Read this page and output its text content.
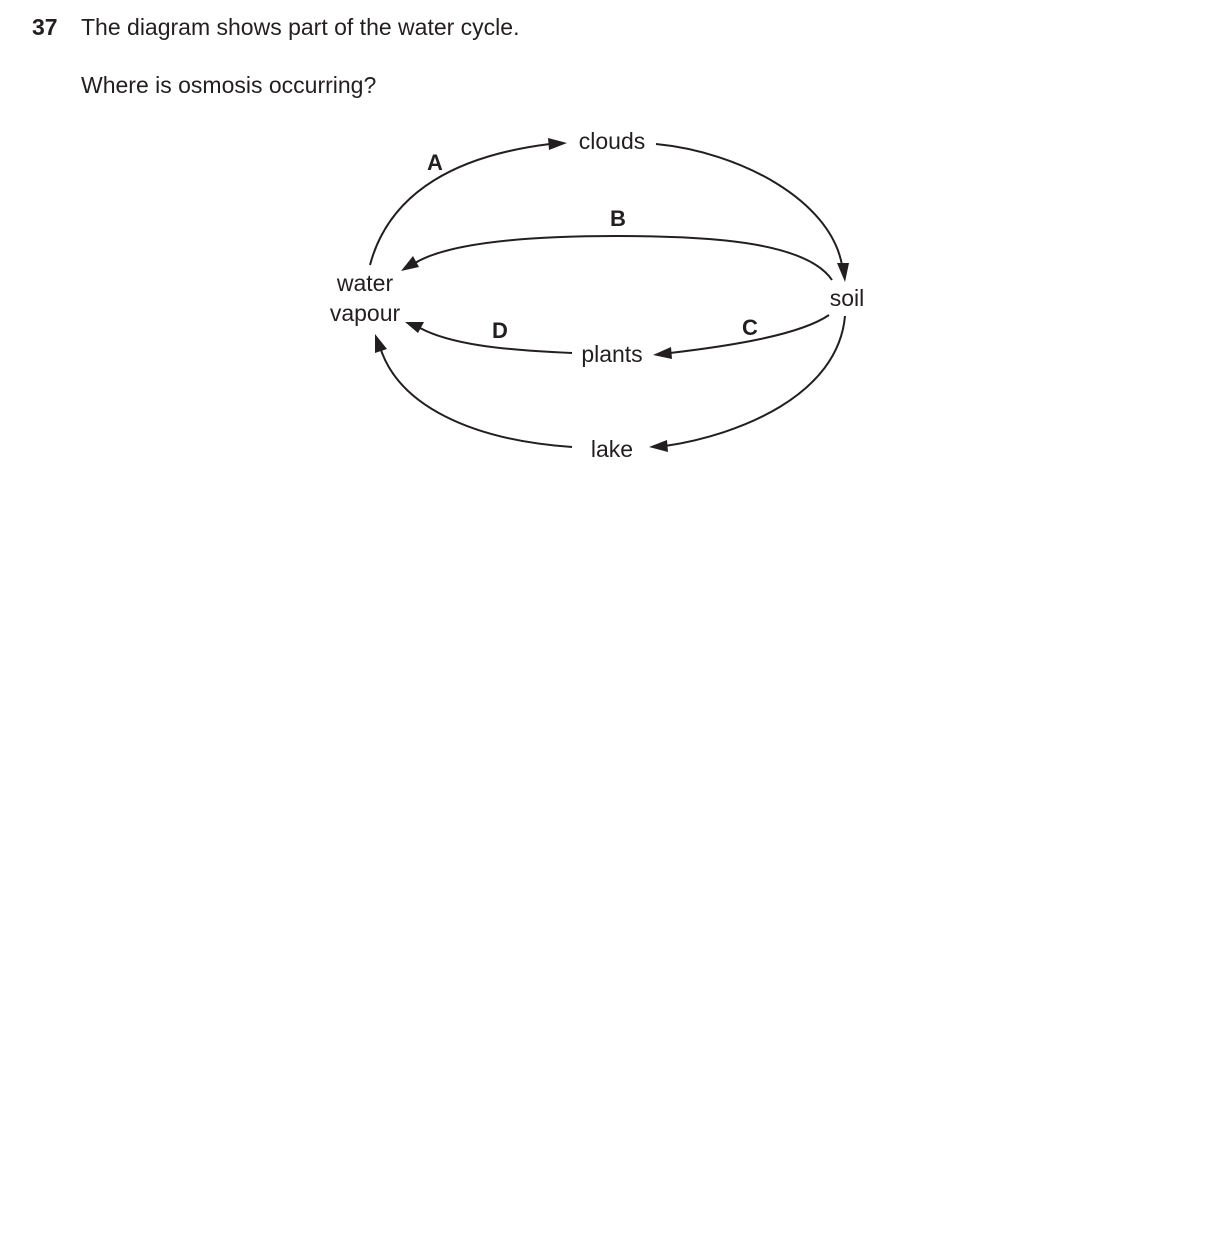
37 The diagram shows part of the water cycle.
Where is osmosis occurring?
clouds
soil
plants
lake
water
vapour
A
B
C
D
